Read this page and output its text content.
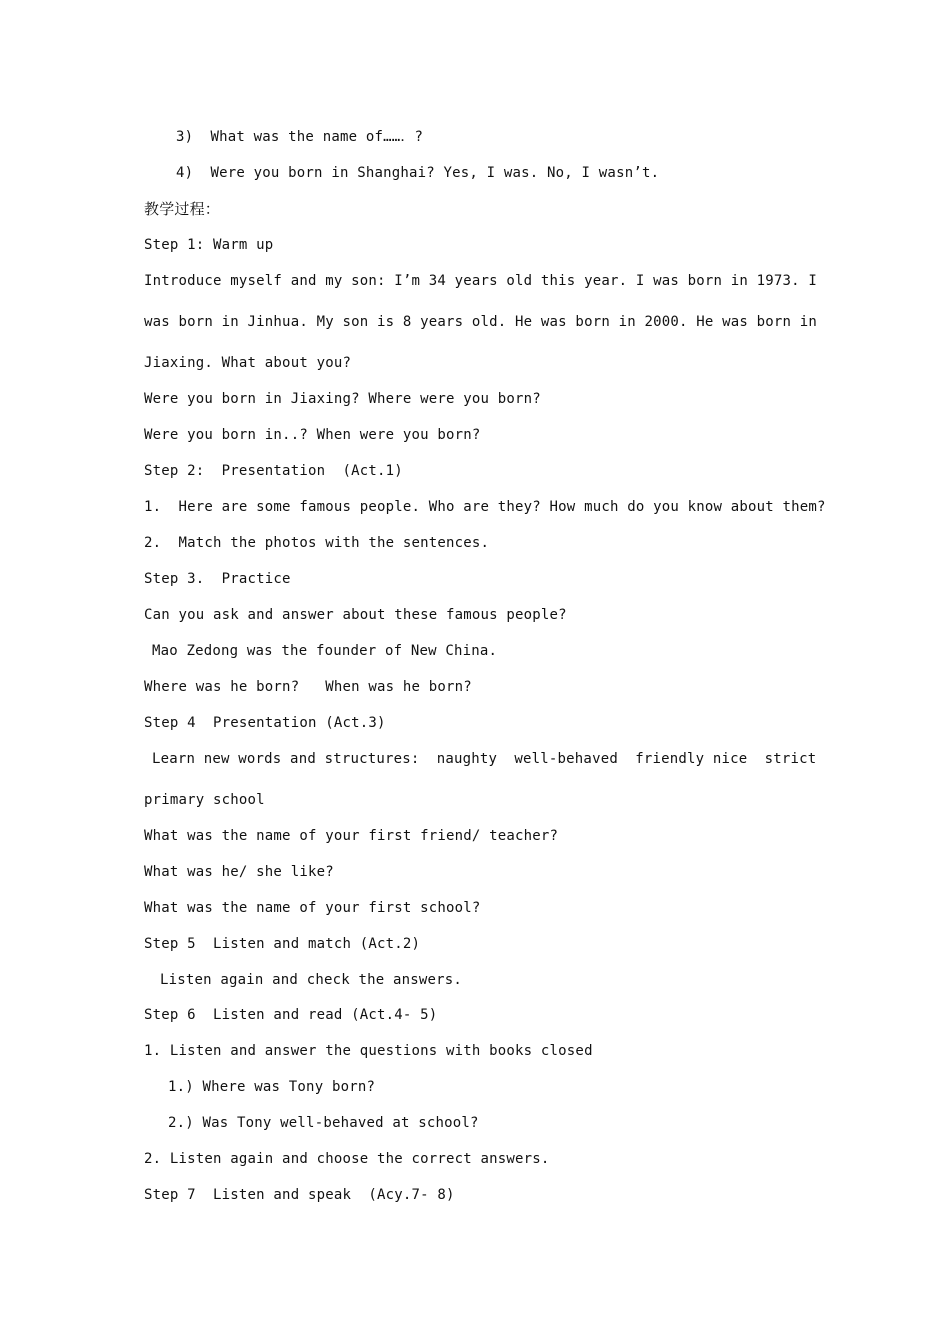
3)  What was the name of……．?
4)  Were you born in Shanghai? Yes, I was. No, I wasn’t.
教学过程：
Step 1: Warm up
Introduce myself and my son: I’m 34 years old this year. I was born in 1973. I
was born in Jinhua. My son is 8 years old. He was born in 2000. He was born in
Jiaxing. What about you?
Were you born in Jiaxing? Where were you born?
Were you born in..? When were you born?
Step 2:  Presentation  (Act.1)
1.  Here are some famous people. Who are they? How much do you know about them?
2.  Match the photos with the sentences.
Step 3.  Practice
Can you ask and answer about these famous people?
Mao Zedong was the founder of New China.
Where was he born?   When was he born?
Step 4  Presentation (Act.3)
Learn new words and structures:  naughty  well-behaved  friendly nice  strict
primary school
What was the name of your first friend/ teacher?
What was he/ she like?
What was the name of your first school?
Step 5  Listen and match (Act.2)
Listen again and check the answers.
Step 6  Listen and read (Act.4- 5)
1. Listen and answer the questions with books closed
1.) Where was Tony born?
2.) Was Tony well-behaved at school?
2. Listen again and choose the correct answers.
Step 7  Listen and speak  (Acy.7- 8)
